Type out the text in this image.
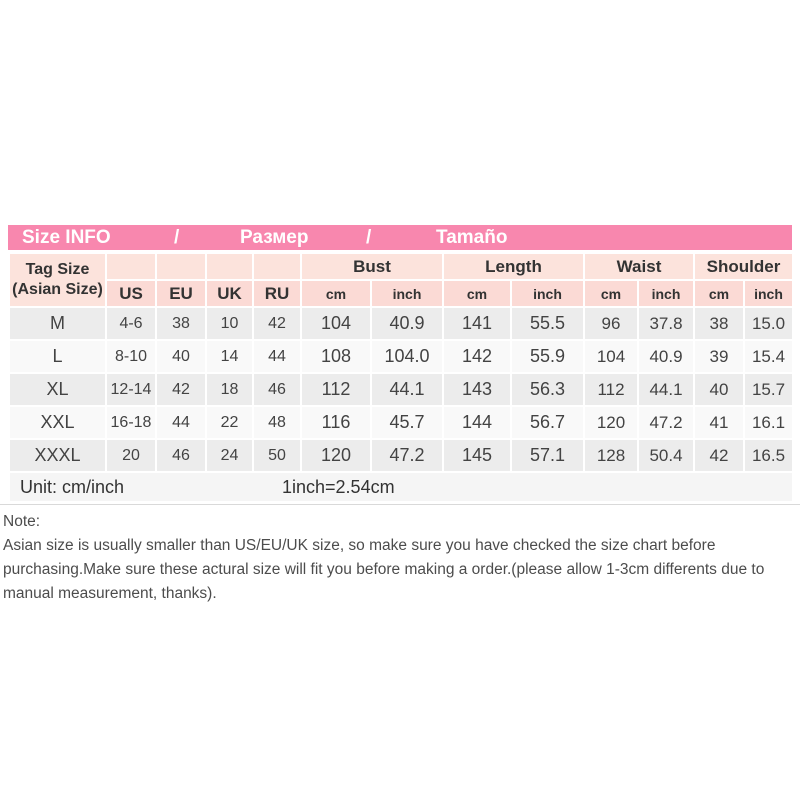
Size INFO	/	Размер	/	Tamaño
Tag Size
(Asian Size)					Bust		Length		Waist		Shoulder	
	US	EU	UK	RU	cm	inch	cm	inch	cm	inch	cm	inch
M	4-6	38	10	42	104	40.9	141	55.5	96	37.8	38	15.0
L	8-10	40	14	44	108	104.0	142	55.9	104	40.9	39	15.4
XL	12-14	42	18	46	112	44.1	143	56.3	112	44.1	40	15.7
XXL	16-18	44	22	48	116	45.7	144	56.7	120	47.2	41	16.1
XXXL	20	46	24	50	120	47.2	145	57.1	128	50.4	42	16.5

Unit: cm/inch 1inch=2.54cm												
Note:
Asian size is usually smaller than US/EU/UK size, so make sure you have checked the size chart before purchasing.Make sure these actural size will fit you before making a order.(please allow 1-3cm differents due to manual measurement, thanks).
